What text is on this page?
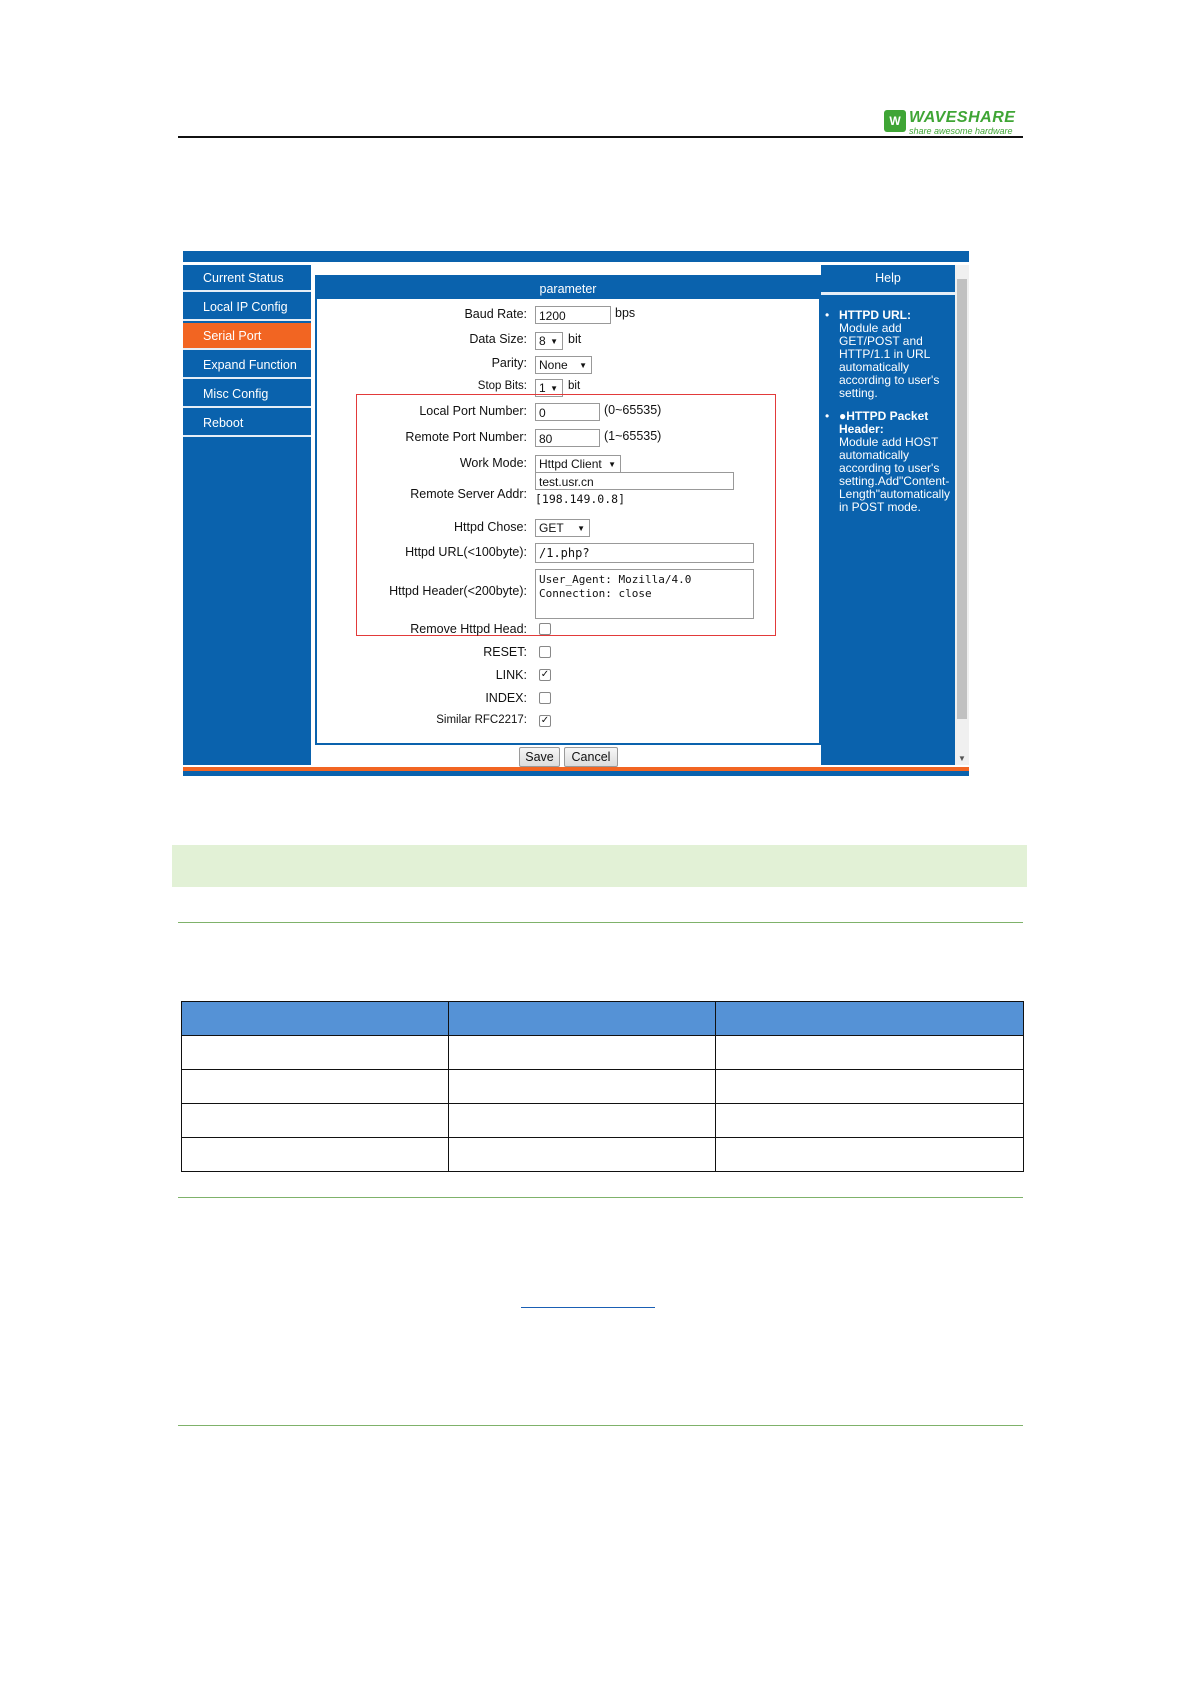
W WAVESHARE
share awesome hardware
Current Status
Local IP Config
Serial Port
Expand Function
Misc Config
Reboot
parameter
Baud Rate:	1200	bps
Data Size:	8 ▼ bit
Parity:	None ▼
Stop Bits:	1 ▼ bit
Local Port Number:	0	(0~65535)
Remote Port Number:	80	(1~65535)
Work Mode:	Httpd Client ▼
Remote Server Addr:
test.usr.cn
[198.149.0.8]
Httpd Chose:	GET ▼
Httpd URL(<100byte):	/1.php?
Httpd Header(<200byte):
User_Agent: Mozilla/4.0
Connection: close
Remove Httpd Head:
RESET:
LINK: ✓
INDEX:
Similar RFC2217: ✓
Save	Cancel
Help
• HTTPD URL:
Module add GET/POST and HTTP/1.1 in URL automatically according to user's setting.
• ●HTTPD Packet Header:
Module add HOST automatically according to user's setting.Add"Content-Length"automatically in POST mode.
▼
